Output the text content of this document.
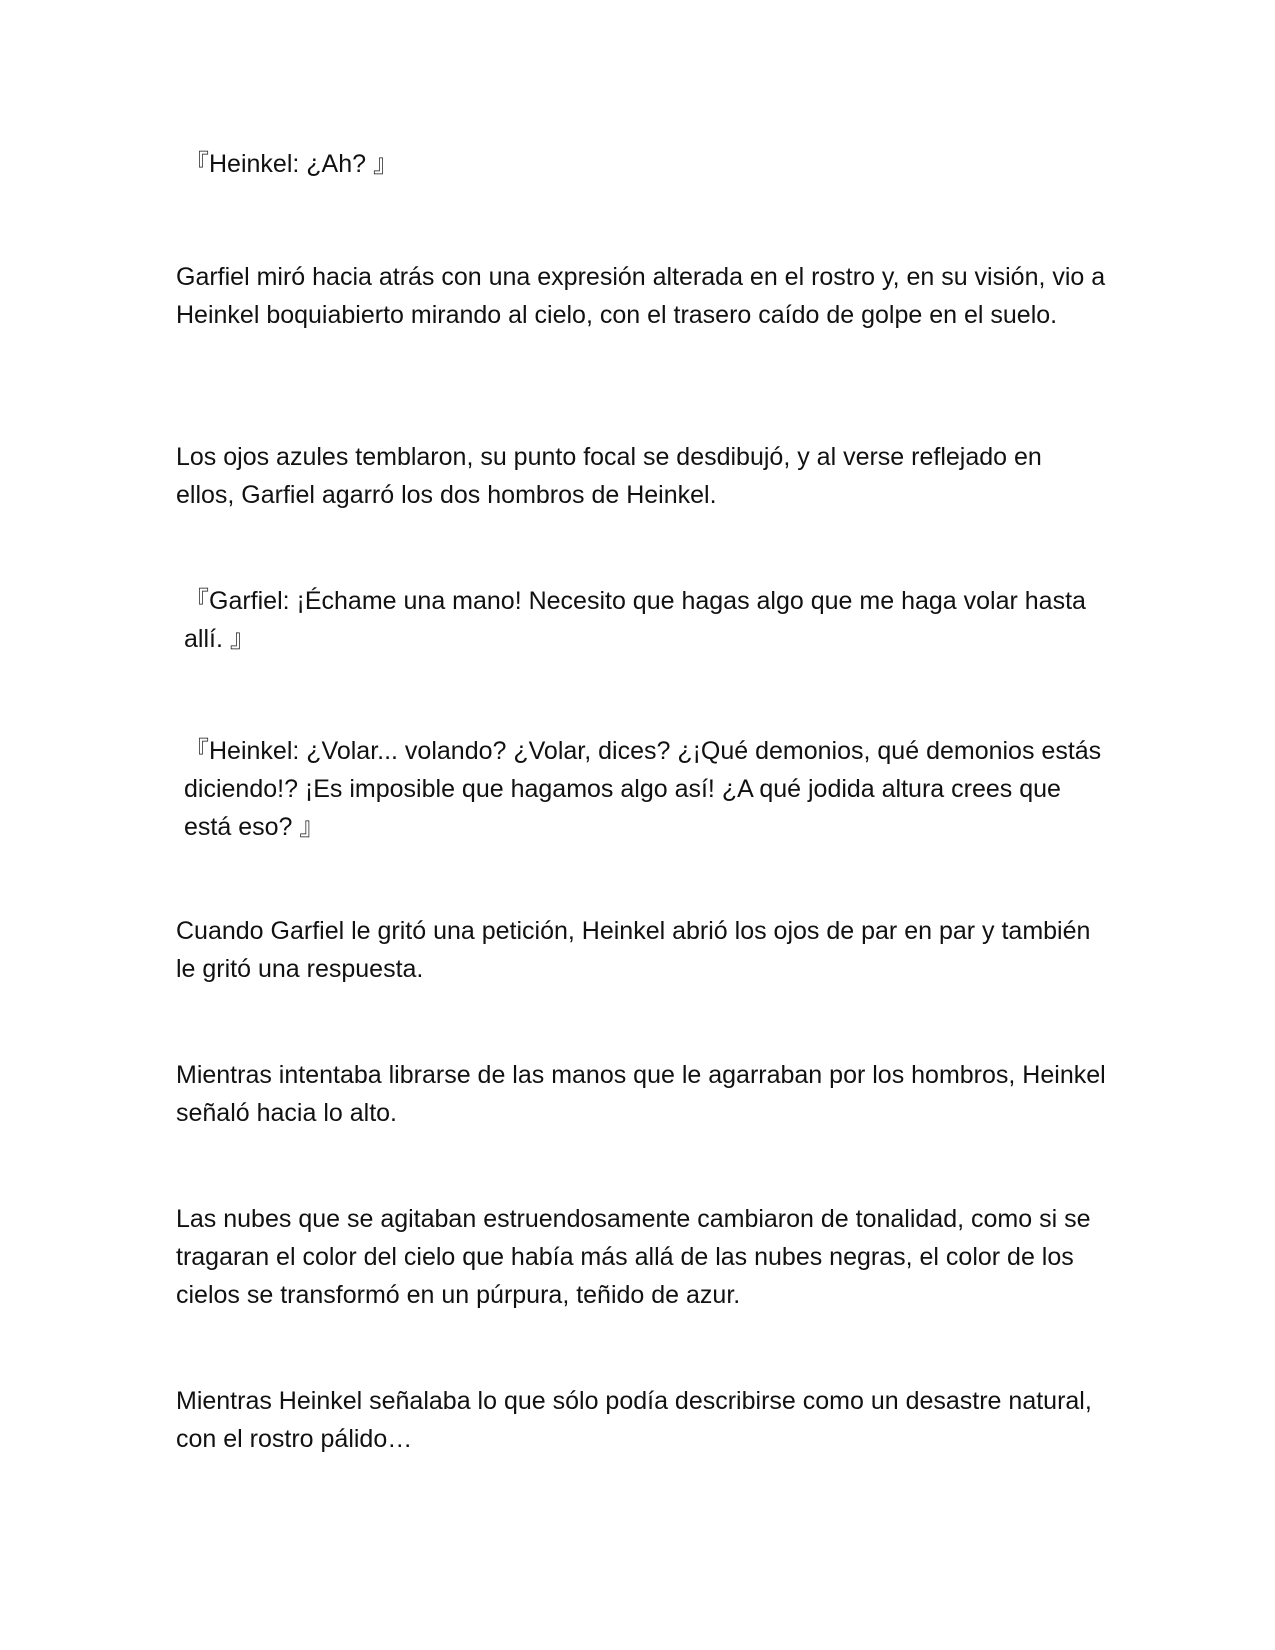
『Heinkel: ¿Ah? 』

Garfiel miró hacia atrás con una expresión alterada en el rostro y, en su visión, vio a Heinkel boquiabierto mirando al cielo, con el trasero caído de golpe en el suelo.

Los ojos azules temblaron, su punto focal se desdibujó, y al verse reflejado en ellos, Garfiel agarró los dos hombros de Heinkel.

『Garfiel: ¡Échame una mano! Necesito que hagas algo que me haga volar hasta allí. 』

『Heinkel: ¿Volar... volando? ¿Volar, dices? ¿¡Qué demonios, qué demonios estás diciendo!? ¡Es imposible que hagamos algo así! ¿A qué jodida altura crees que está eso? 』

Cuando Garfiel le gritó una petición, Heinkel abrió los ojos de par en par y también le gritó una respuesta.

Mientras intentaba librarse de las manos que le agarraban por los hombros, Heinkel señaló hacia lo alto.

Las nubes que se agitaban estruendosamente cambiaron de tonalidad, como si se tragaran el color del cielo que había más allá de las nubes negras, el color de los cielos se transformó en un púrpura, teñido de azur.

Mientras Heinkel señalaba lo que sólo podía describirse como un desastre natural, con el rostro pálido…
